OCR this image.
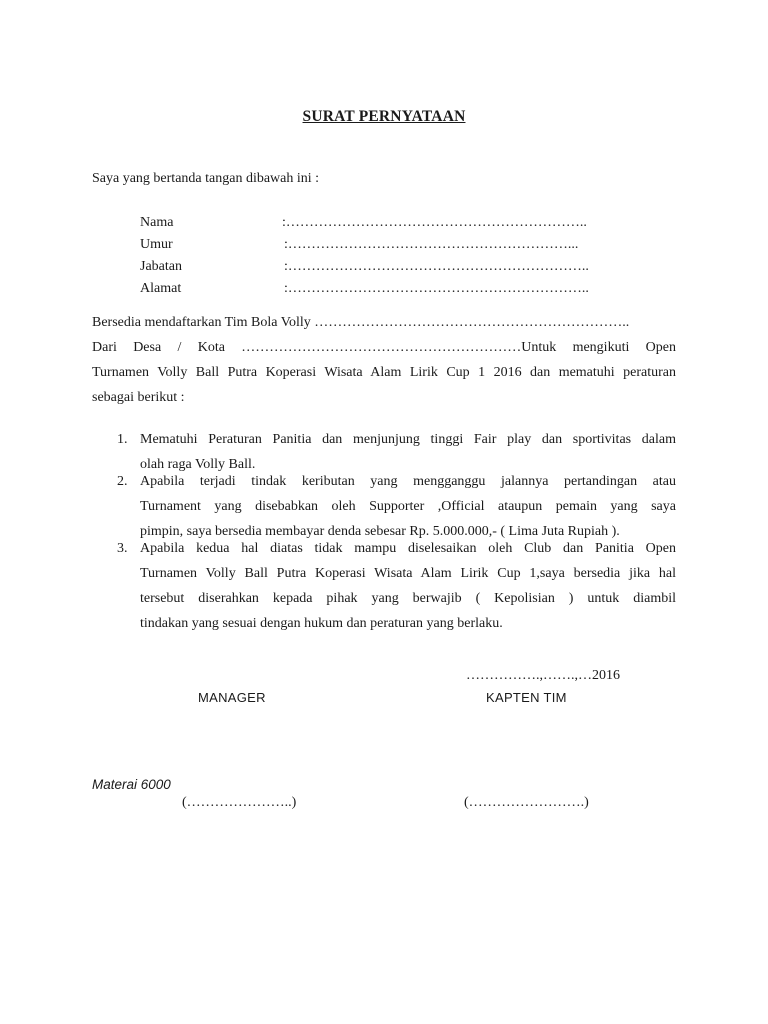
SURAT PERNYATAAN
Saya yang bertanda tangan dibawah ini :
Nama	:………………………………………………………..
Umur	:……………………………………………………...
Jabatan	:………………………………………………………..
Alamat	:………………………………………………………..
Bersedia mendaftarkan Tim Bola Volly …………………………………………………………..
Dari Desa / Kota ……………………………………………………Untuk mengikuti Open
Turnamen Volly Ball Putra Koperasi Wisata Alam Lirik Cup 1 2016 dan mematuhi peraturan
sebagai berikut :
1. Mematuhi Peraturan Panitia dan menjunjung tinggi Fair play dan sportivitas dalam
olah raga Volly Ball.
2. Apabila terjadi tindak keributan yang mengganggu jalannya pertandingan atau
Turnament yang disebabkan oleh Supporter ,Official ataupun pemain yang saya
pimpin, saya bersedia membayar denda sebesar Rp. 5.000.000,- ( Lima Juta Rupiah ).
3. Apabila kedua hal diatas tidak mampu diselesaikan oleh Club dan Panitia Open
Turnamen Volly Ball Putra Koperasi Wisata Alam Lirik Cup 1,saya bersedia jika hal
tersebut diserahkan kepada pihak yang berwajib ( Kepolisian ) untuk diambil
tindakan yang sesuai dengan hukum dan peraturan yang berlaku.
…………….,…….,…2016
MANAGER	KAPTEN TIM
Materai 6000
(…………………..)	(…………………….)
